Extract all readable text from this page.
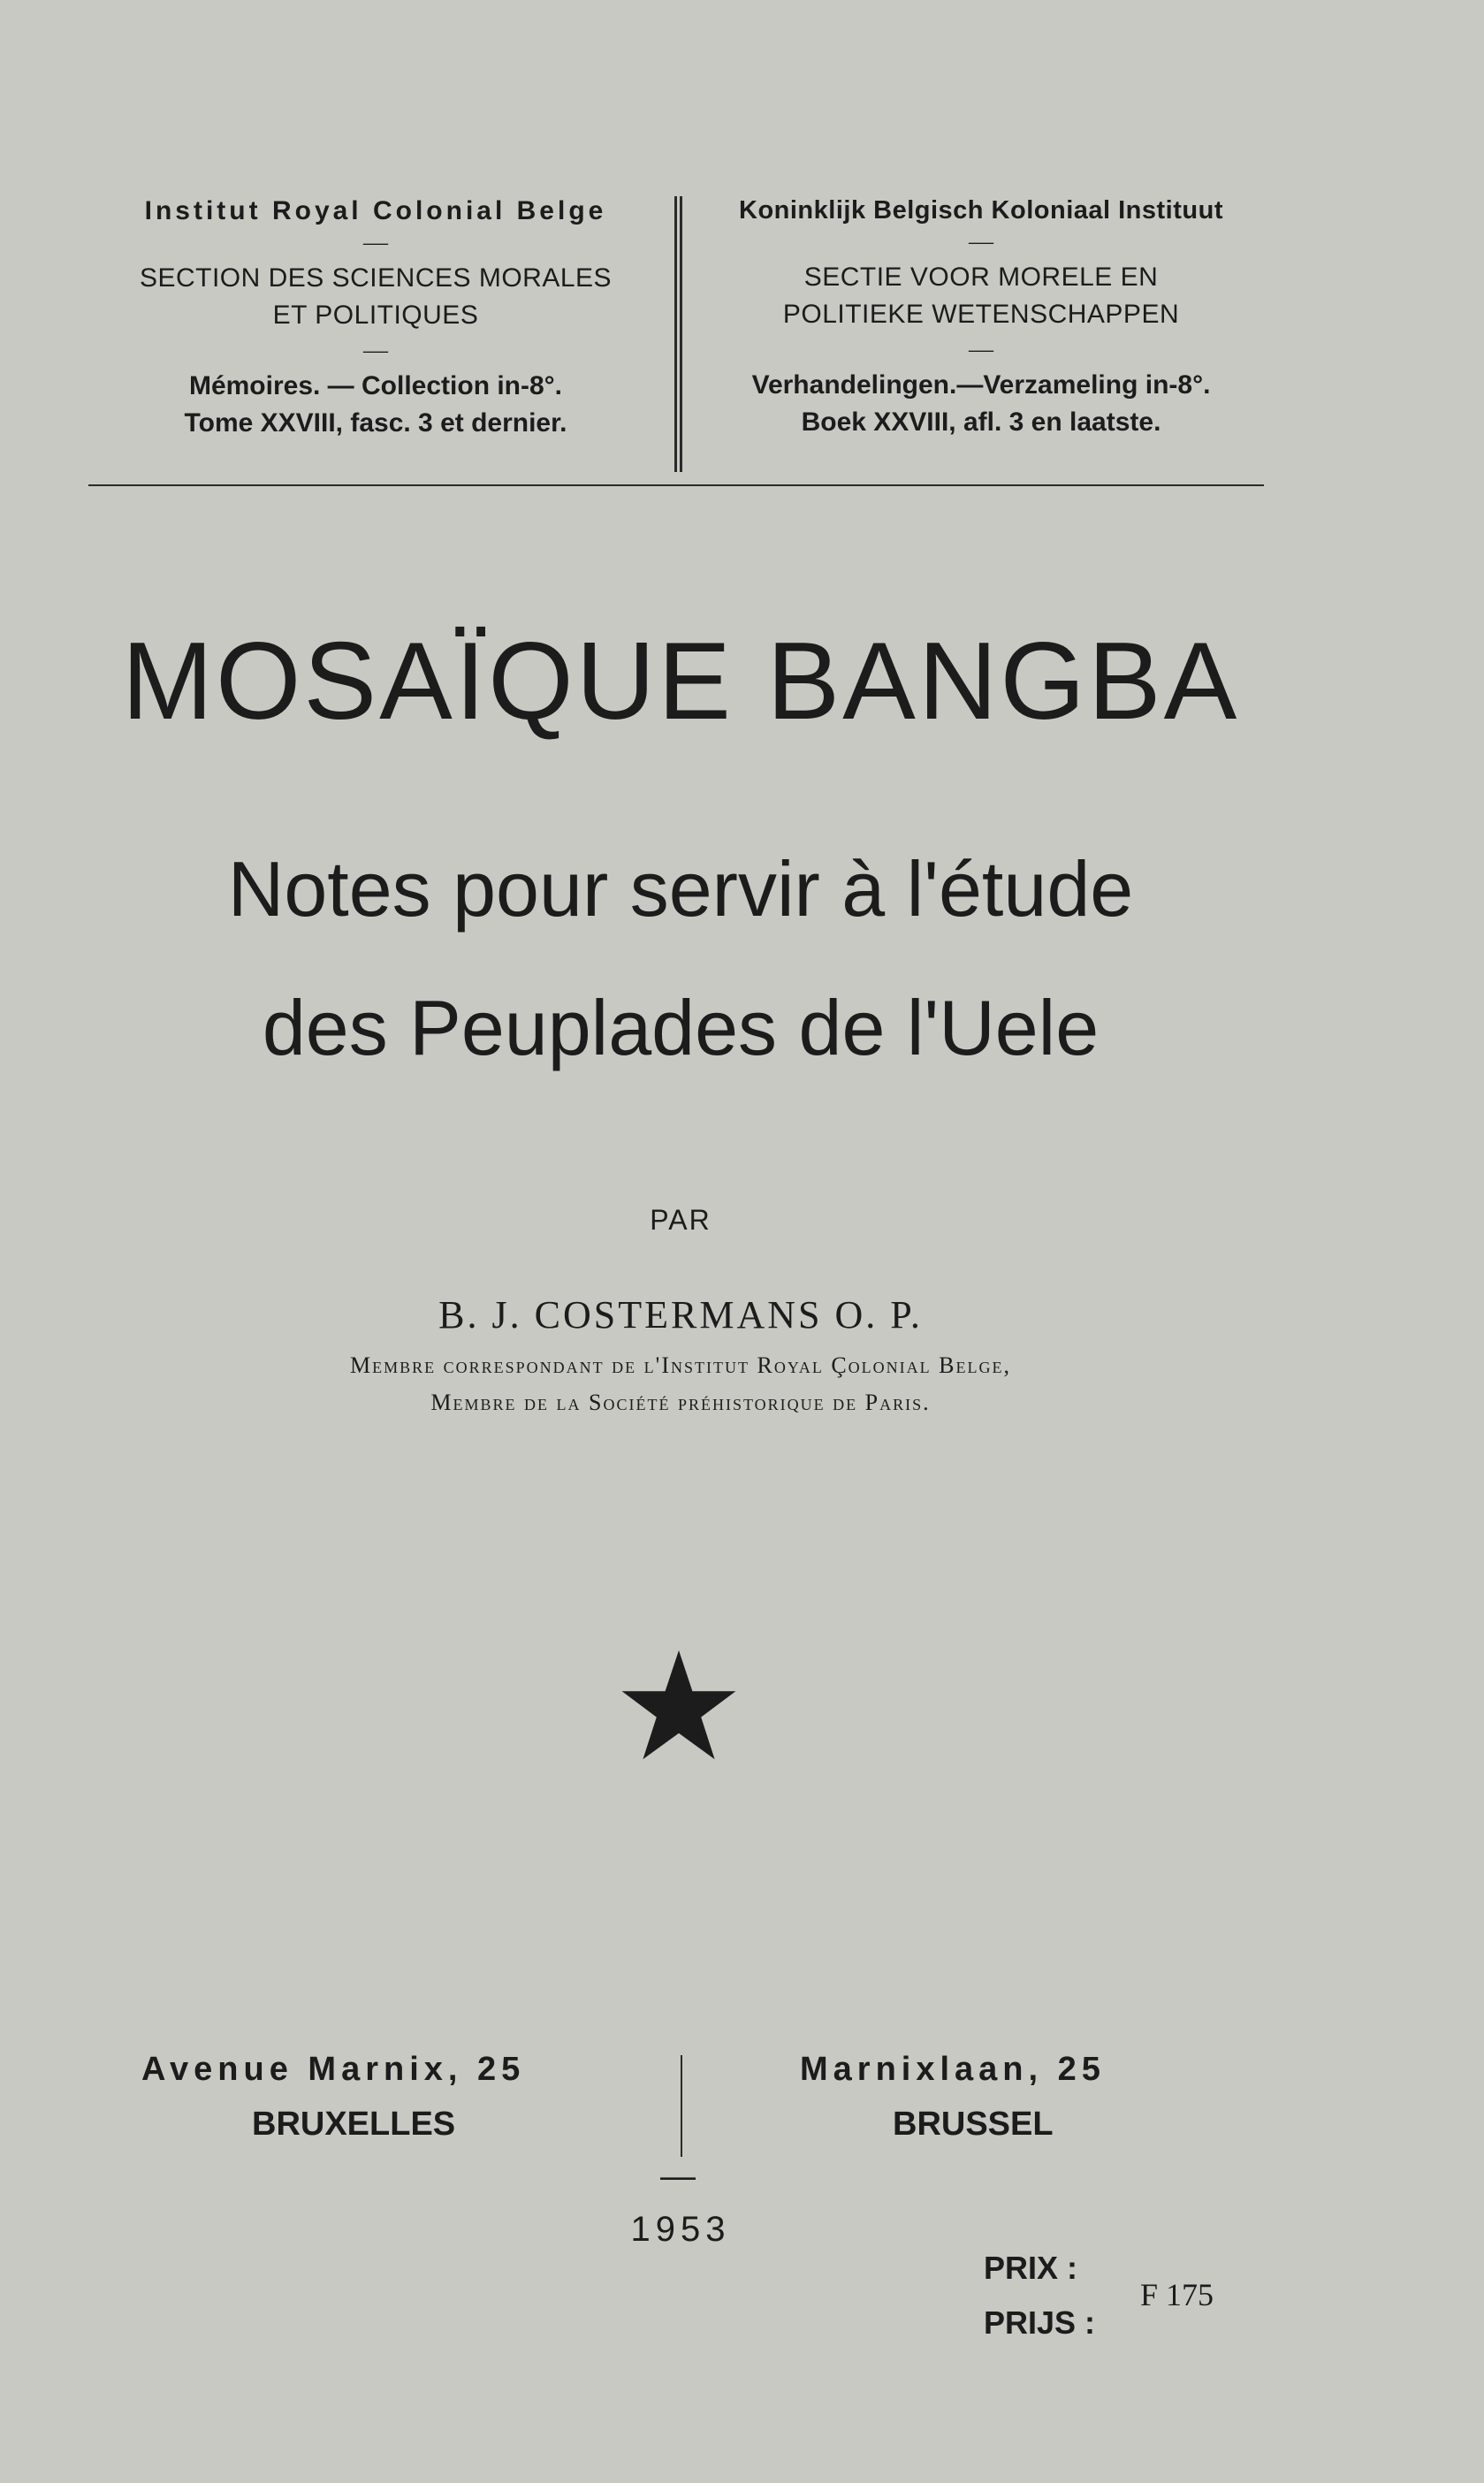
Institut Royal Colonial Belge
—
SECTION DES SCIENCES MORALES
ET POLITIQUES
—
Mémoires. — Collection in-8°.
Tome XXVIII, fasc. 3 et dernier.
Koninklijk Belgisch Koloniaal Instituut
—
SECTIE VOOR MORELE EN
POLITIEKE WETENSCHAPPEN
—
Verhandelingen.—Verzameling in-8°.
Boek XXVIII, afl. 3 en laatste.
MOSAÏQUE BANGBA
Notes pour servir à l'étude
des Peuplades de l'Uele
PAR
B. J. COSTERMANS O. P.
Membre correspondant de l'Institut Royal Çolonial Belge,
Membre de la Société préhistorique de Paris.
Avenue Marnix, 25
BRUXELLES
Marnixlaan, 25
BRUSSEL
—
1953
PRIX :
PRIJS :
F 175
